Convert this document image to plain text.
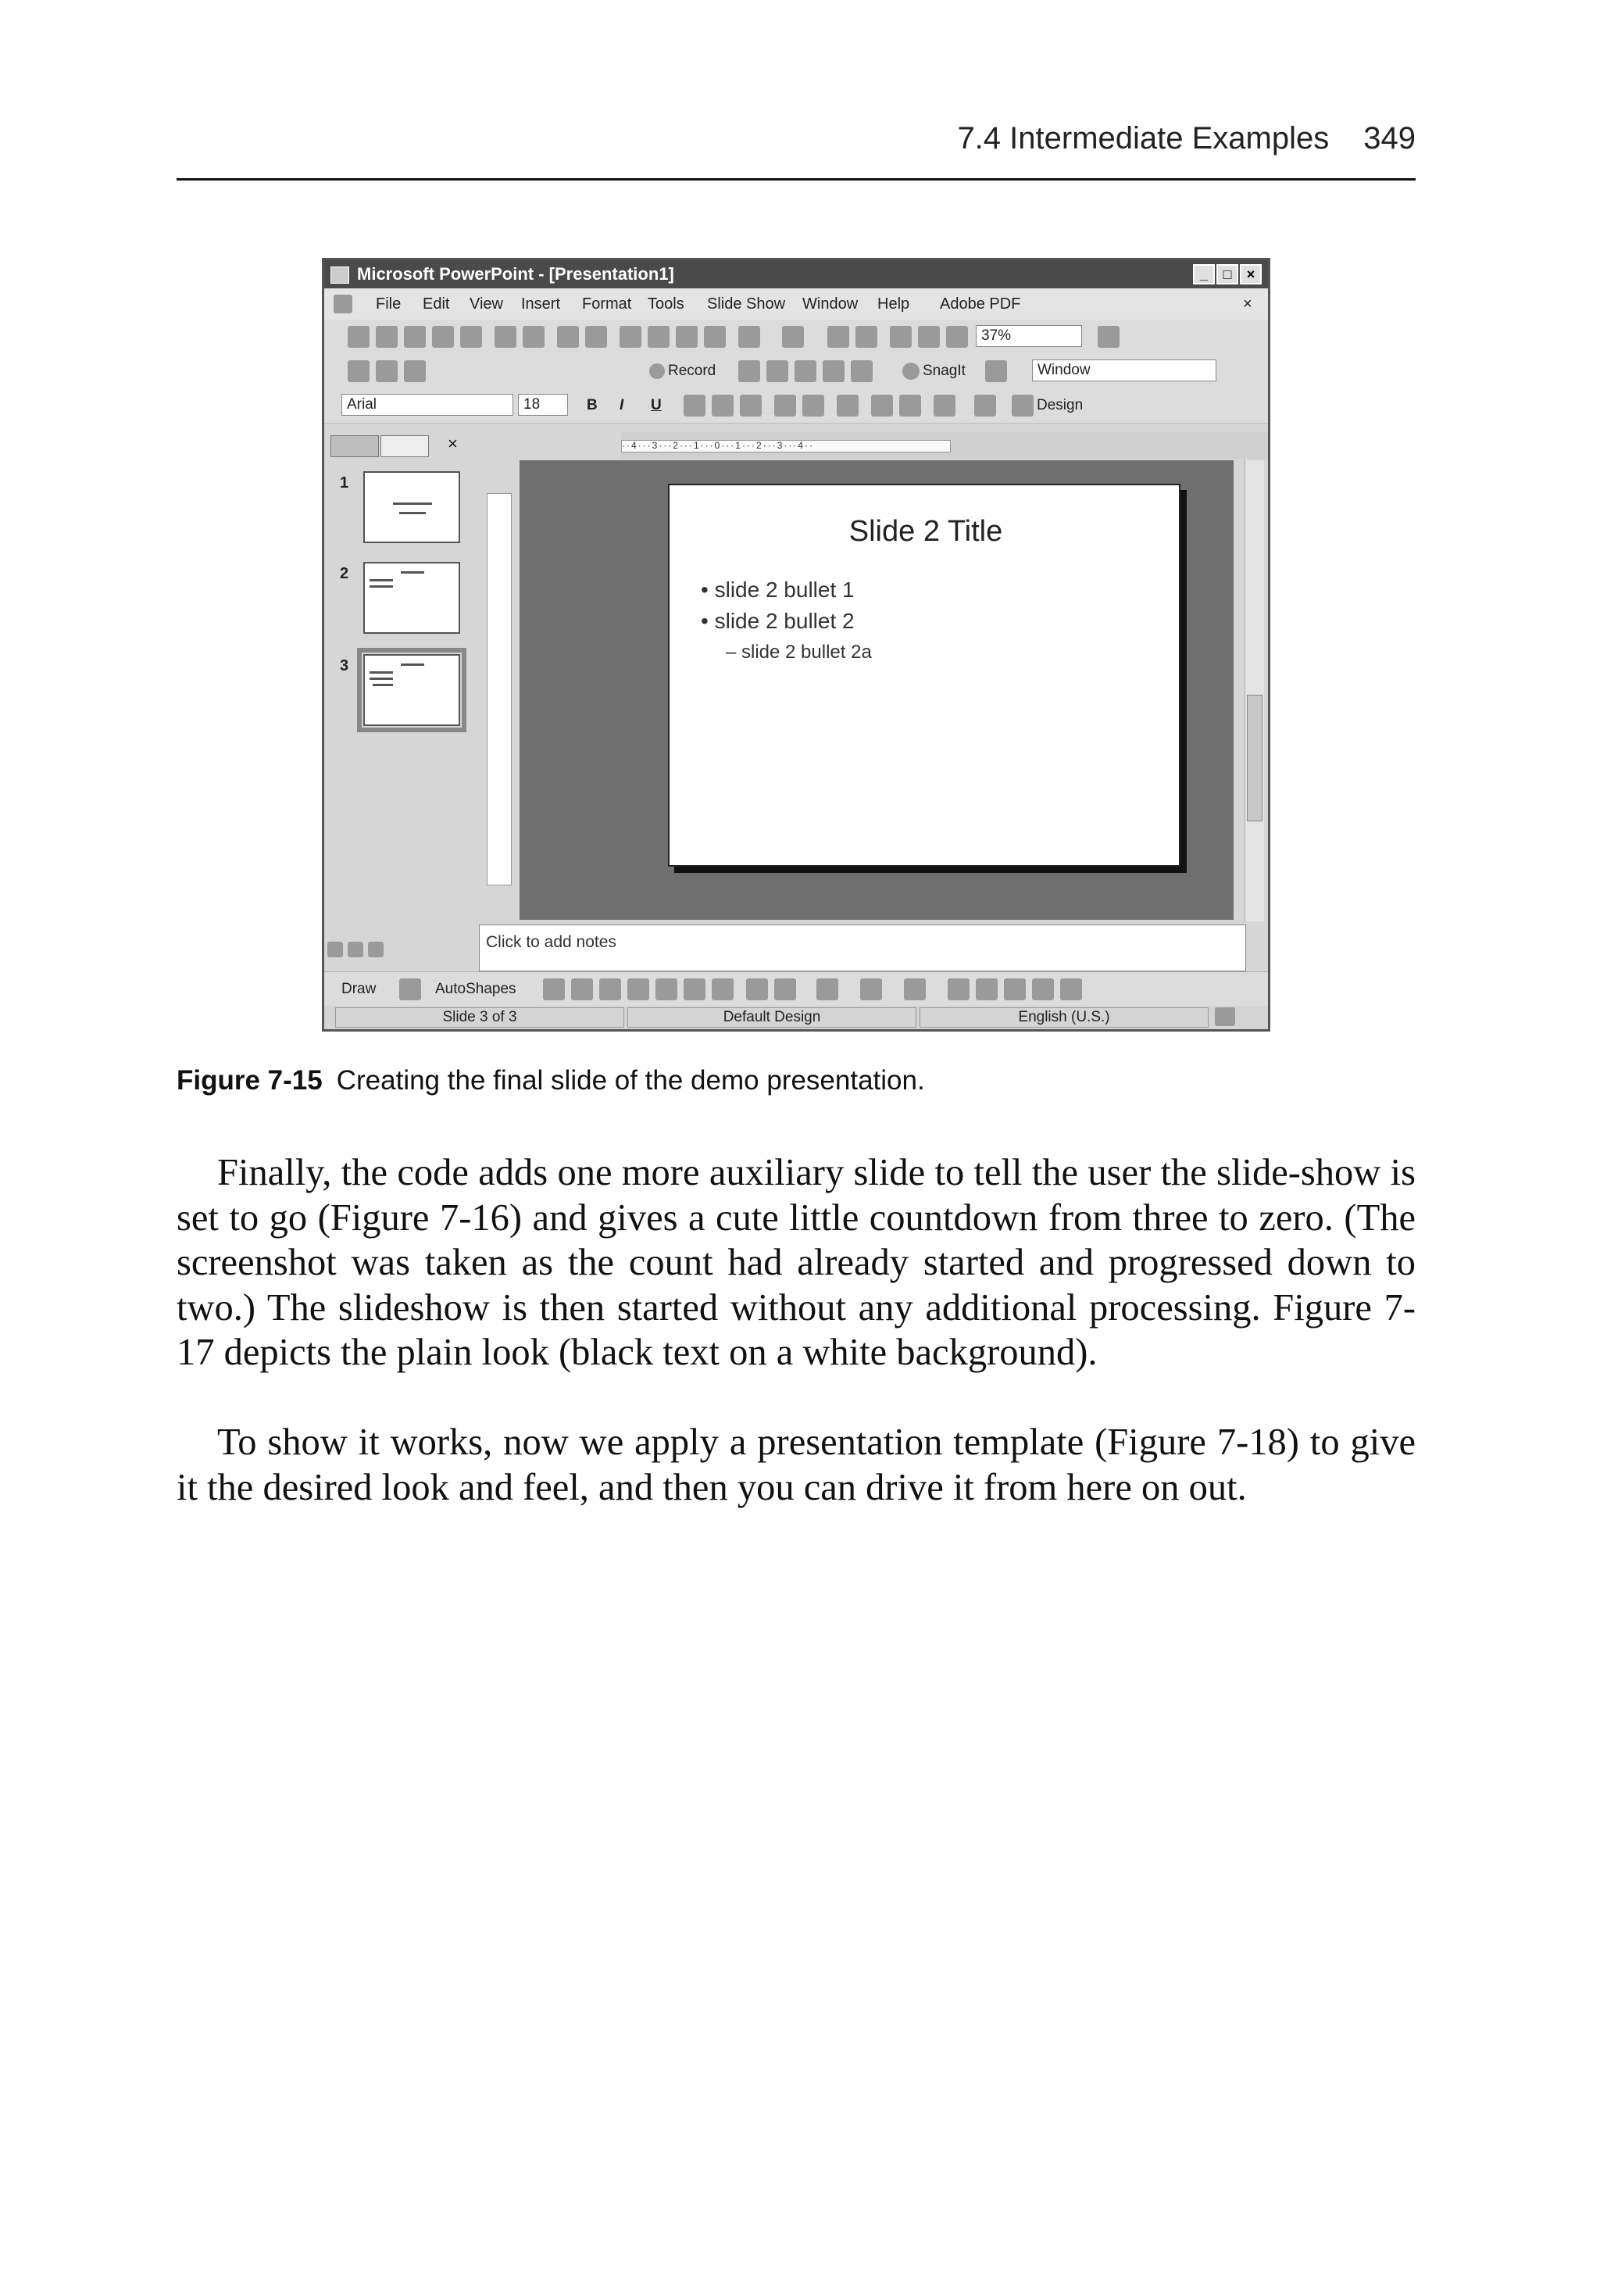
7.4 Intermediate Examples 349
Microsoft PowerPoint - [Presentation1]	_	□	×
File Edit View Insert Format Tools Slide Show Window Help Adobe PDF	×
37%
Record	SnagIt	Window
Arial	18	B I U	Design
×	··4···3···2···1···0···1···2···3···4··
1
2
3
Slide 2 Title
• slide 2 bullet 1
• slide 2 bullet 2
– slide 2 bullet 2a
Click to add notes
Draw	AutoShapes
Slide 3 of 3	Default Design	English (U.S.)
Figure 7-15 Creating the final slide of the demo presentation.

Finally, the code adds one more auxiliary slide to tell the user the slide-show is set to go (Figure 7-16) and gives a cute little countdown from three to zero. (The screenshot was taken as the count had already started and progressed down to two.) The slideshow is then started without any additional processing. Figure 7-17 depicts the plain look (black text on a white background).

To show it works, now we apply a presentation template (Figure 7-18) to give it the desired look and feel, and then you can drive it from here on out.
